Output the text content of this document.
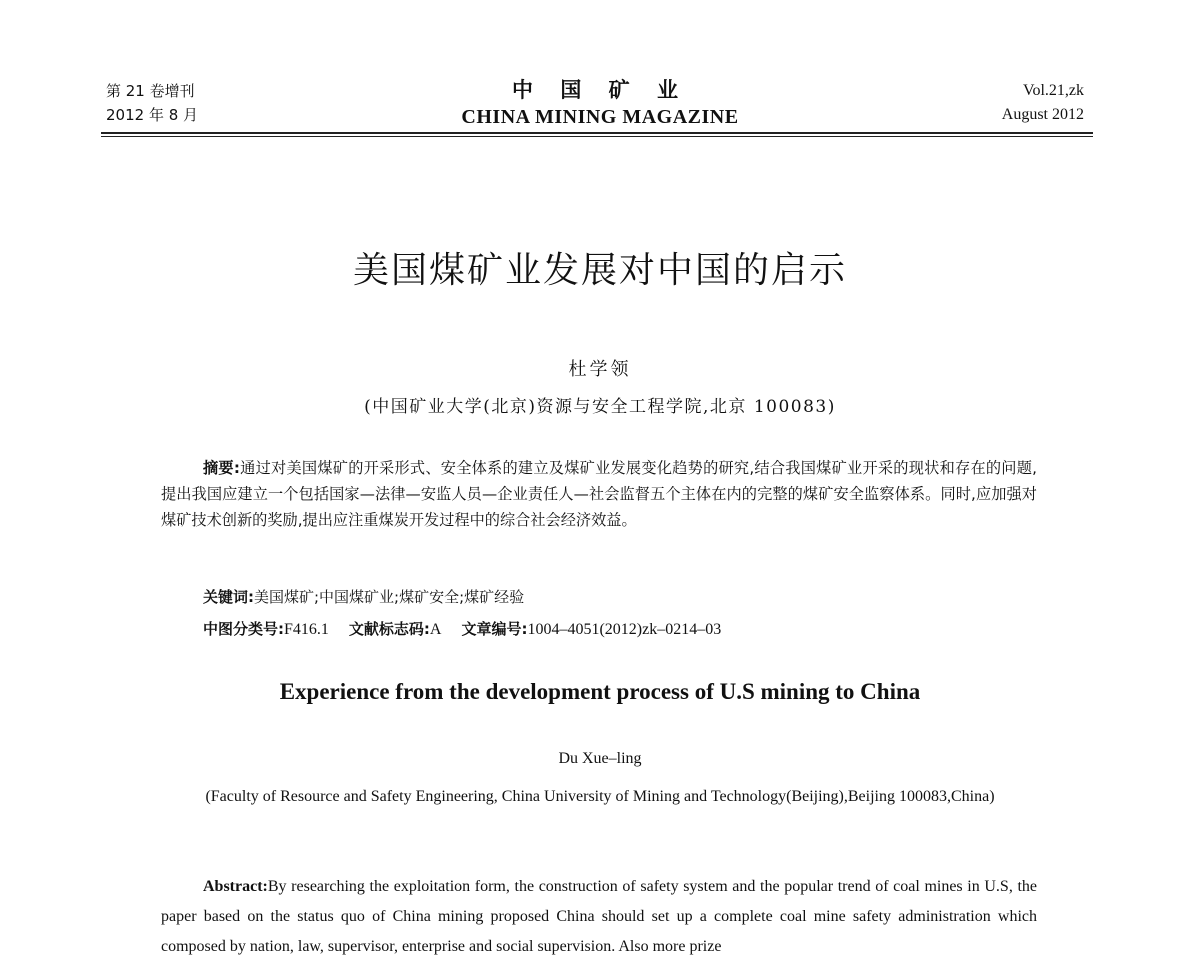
第 21 卷增刊
2012 年 8 月
中 国 矿 业
CHINA MINING MAGAZINE
Vol.21,zk
August 2012
美国煤矿业发展对中国的启示
杜学领
(中国矿业大学(北京)资源与安全工程学院,北京 100083)
摘要:通过对美国煤矿的开采形式、安全体系的建立及煤矿业发展变化趋势的研究,结合我国煤矿业开采的现状和存在的问题,提出我国应建立一个包括国家—法律—安监人员—企业责任人—社会监督五个主体在内的完整的煤矿安全监察体系。同时,应加强对煤矿技术创新的奖励,提出应注重煤炭开发过程中的综合社会经济效益。
关键词:美国煤矿;中国煤矿业;煤矿安全;煤矿经验
中图分类号:F416.1 文献标志码:A 文章编号:1004–4051(2012)zk–0214–03
Experience from the development process of U.S mining to China
Du Xue–ling
(Faculty of Resource and Safety Engineering, China University of Mining and Technology(Beijing),Beijing 100083,China)
Abstract:By researching the exploitation form, the construction of safety system and the popular trend of coal mines in U.S, the paper based on the status quo of China mining proposed China should set up a complete coal mine safety administration which composed by nation, law, supervisor, enterprise and social supervision. Also more prize
